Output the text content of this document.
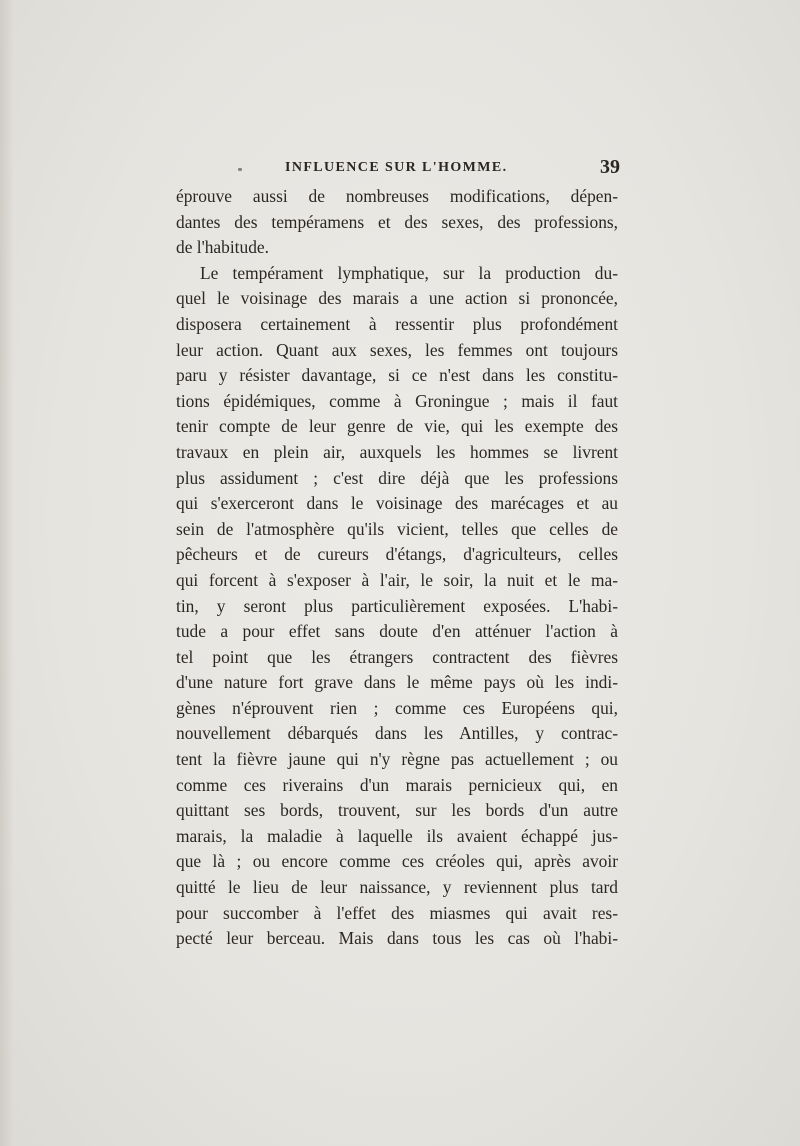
INFLUENCE SUR L'HOMME.	39
éprouve aussi de nombreuses modifications, dépen-
dantes des tempéramens et des sexes, des professions,
de l'habitude.
Le tempérament lymphatique, sur la production du-
quel le voisinage des marais a une action si prononcée,
disposera certainement à ressentir plus profondément
leur action. Quant aux sexes, les femmes ont toujours
paru y résister davantage, si ce n'est dans les constitu-
tions épidémiques, comme à Groningue ; mais il faut
tenir compte de leur genre de vie, qui les exempte des
travaux en plein air, auxquels les hommes se livrent
plus assidument ; c'est dire déjà que les professions
qui s'exerceront dans le voisinage des marécages et au
sein de l'atmosphère qu'ils vicient, telles que celles de
pêcheurs et de cureurs d'étangs, d'agriculteurs, celles
qui forcent à s'exposer à l'air, le soir, la nuit et le ma-
tin, y seront plus particulièrement exposées. L'habi-
tude a pour effet sans doute d'en atténuer l'action à
tel point que les étrangers contractent des fièvres
d'une nature fort grave dans le même pays où les indi-
gènes n'éprouvent rien ; comme ces Européens qui,
nouvellement débarqués dans les Antilles, y contrac-
tent la fièvre jaune qui n'y règne pas actuellement ; ou
comme ces riverains d'un marais pernicieux qui, en
quittant ses bords, trouvent, sur les bords d'un autre
marais, la maladie à laquelle ils avaient échappé jus-
que là ; ou encore comme ces créoles qui, après avoir
quitté le lieu de leur naissance, y reviennent plus tard
pour succomber à l'effet des miasmes qui avait res-
pecté leur berceau. Mais dans tous les cas où l'habi-
